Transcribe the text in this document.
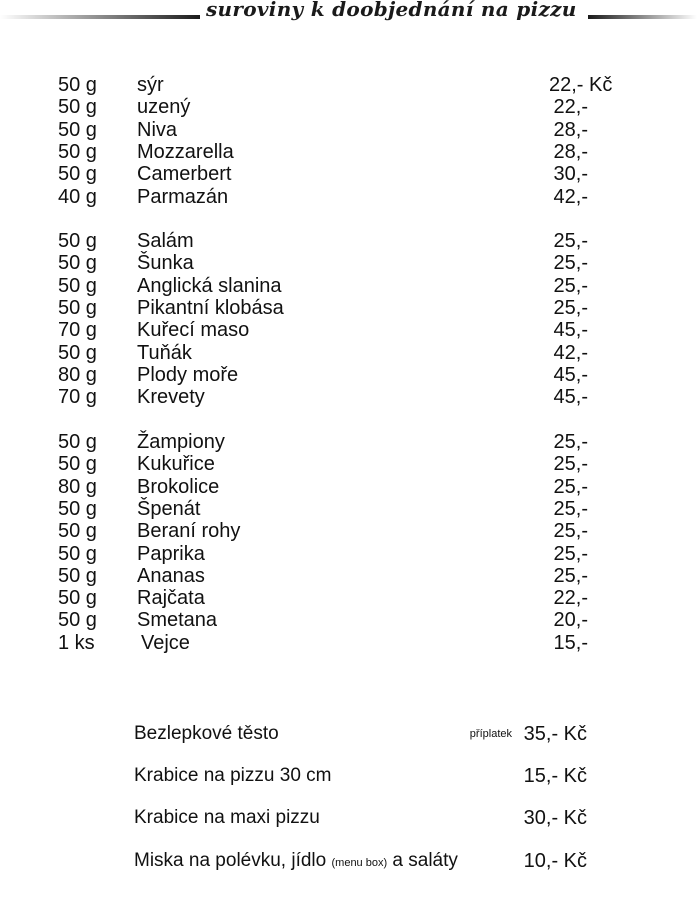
suroviny k doobjednání na pizzu
50 g sýr	22,- Kč
50 g uzený	22,-
50 g Niva	28,-
50 g Mozzarella	28,-
50 g Camerbert	30,-
40 g Parmazán	42,-
50 g Salám	25,-
50 g Šunka	25,-
50 g Anglická slanina	25,-
50 g Pikantní klobása	25,-
70 g Kuřecí maso	45,-
50 g Tuňák	42,-
80 g Plody moře	45,-
70 g Krevety	45,-
50 g Žampiony	25,-
50 g Kukuřice	25,-
80 g Brokolice	25,-
50 g Špenát	25,-
50 g Beraní rohy	25,-
50 g Paprika	25,-
50 g Ananas	25,-
50 g Rajčata	22,-
50 g Smetana	20,-
1 ks Vejce	15,-
Bezlepkové těsto	příplatek 35,- Kč
Krabice na pizzu 30 cm	15,- Kč
Krabice na maxi pizzu	30,- Kč
Miska na polévku, jídlo (menu box) a saláty	10,- Kč
